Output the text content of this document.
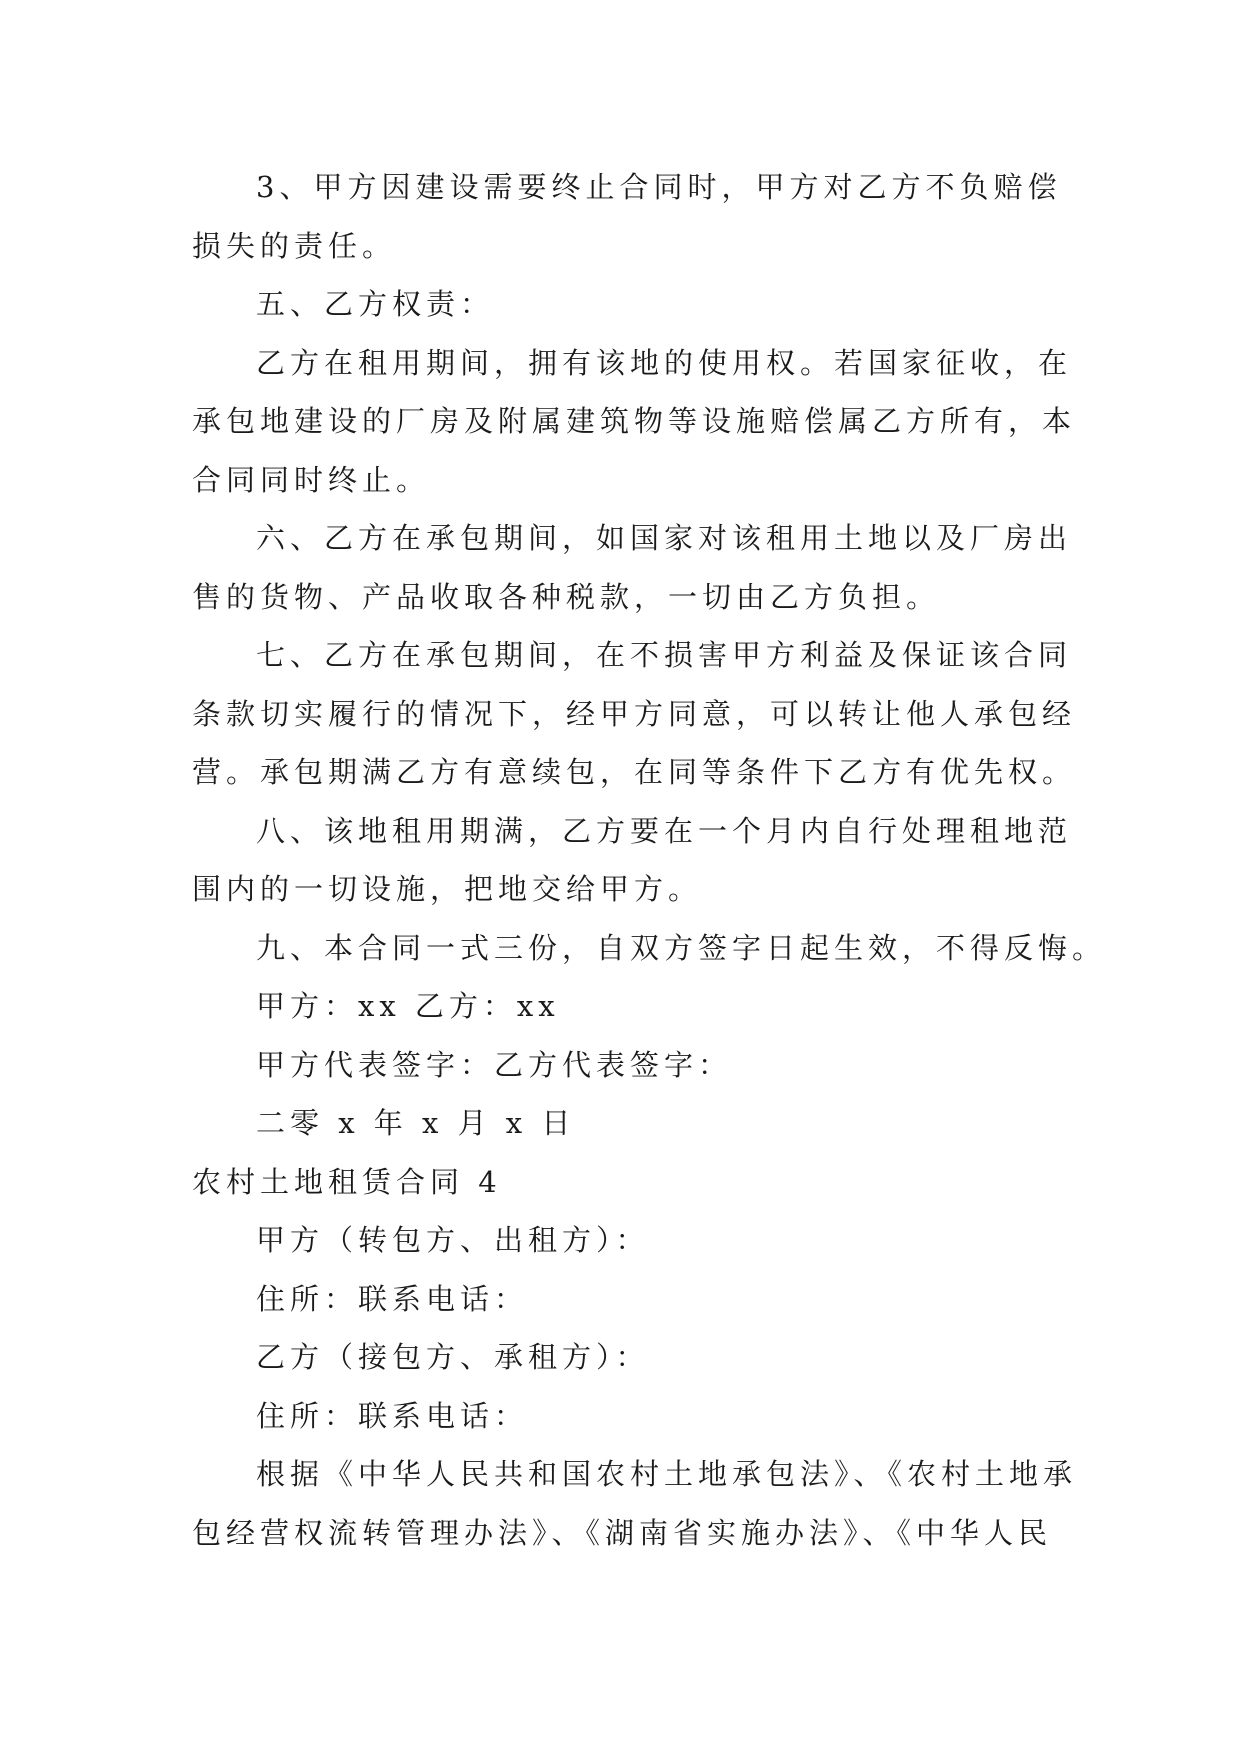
3、甲方因建设需要终止合同时，甲方对乙方不负赔偿
损失的责任。
五、乙方权责：
乙方在租用期间，拥有该地的使用权。若国家征收，在
承包地建设的厂房及附属建筑物等设施赔偿属乙方所有，本
合同同时终止。
六、乙方在承包期间，如国家对该租用土地以及厂房出
售的货物、产品收取各种税款，一切由乙方负担。
七、乙方在承包期间，在不损害甲方利益及保证该合同
条款切实履行的情况下，经甲方同意，可以转让他人承包经
营。承包期满乙方有意续包，在同等条件下乙方有优先权。
八、该地租用期满，乙方要在一个月内自行处理租地范
围内的一切设施，把地交给甲方。
九、本合同一式三份，自双方签字日起生效，不得反悔。
甲方：xx 乙方：xx
甲方代表签字：乙方代表签字：
二零 x 年 x 月 x 日
农村土地租赁合同 4
甲方（转包方、出租方）：
住所：联系电话：
乙方（接包方、承租方）：
住所：联系电话：
根据《中华人民共和国农村土地承包法》、《农村土地承
包经营权流转管理办法》、《湖南省实施办法》、《中华人民
